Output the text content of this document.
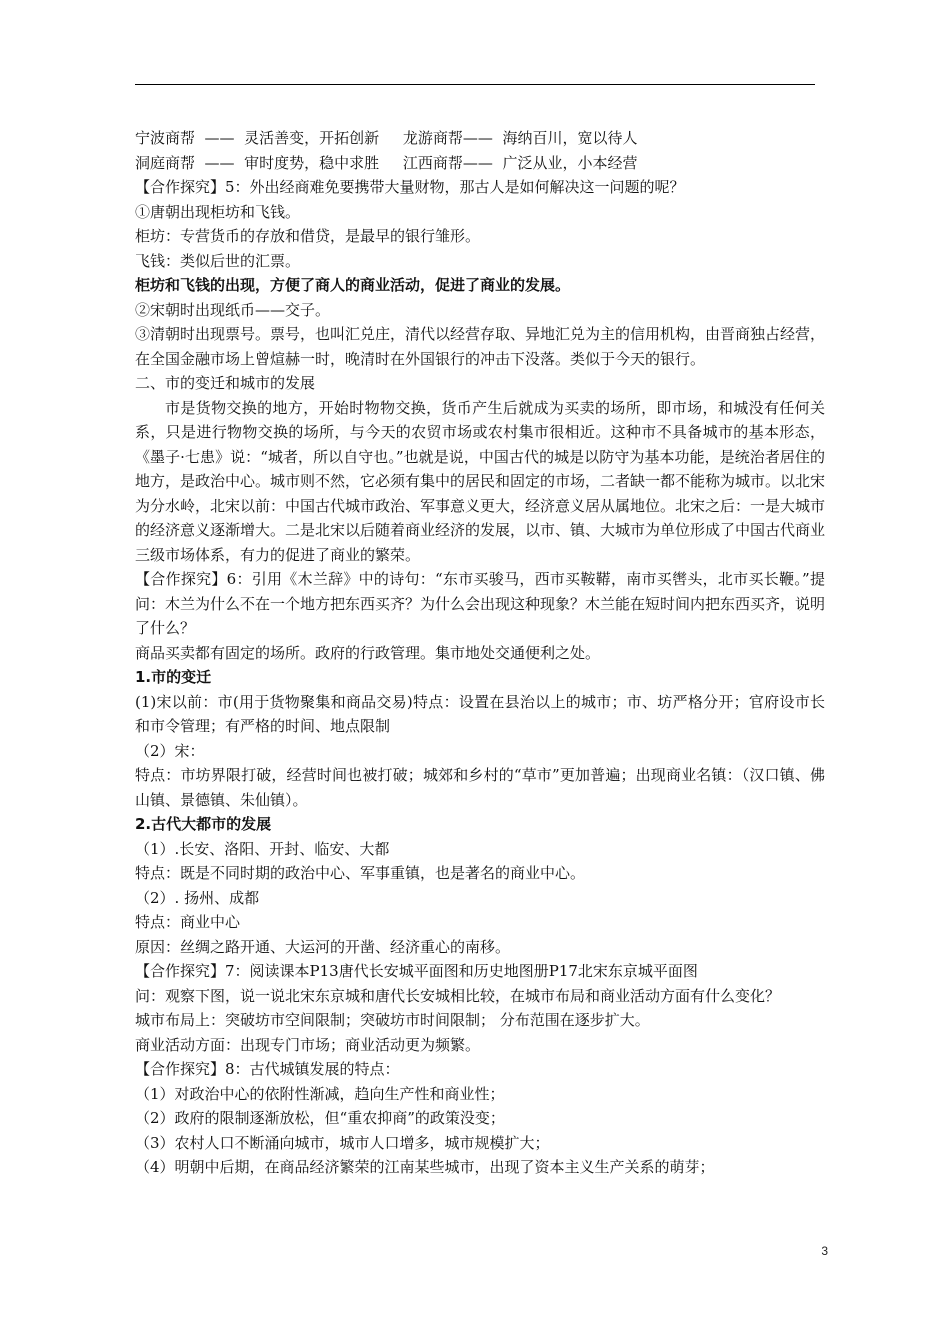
宁波商帮  ——  灵活善变，开拓创新     龙游商帮——  海纳百川，宽以待人
洞庭商帮  ——  审时度势，稳中求胜     江西商帮——  广泛从业，小本经营
【合作探究】5：外出经商难免要携带大量财物，那古人是如何解决这一问题的呢？
①唐朝出现柜坊和飞钱。
柜坊：专营货币的存放和借贷，是最早的银行雏形。
飞钱：类似后世的汇票。
柜坊和飞钱的出现，方便了商人的商业活动，促进了商业的发展。
②宋朝时出现纸币——交子。
③清朝时出现票号。票号，也叫汇兑庄，清代以经营存取、异地汇兑为主的信用机构，由晋商独占经营，在全国金融市场上曾煊赫一时，晚清时在外国银行的冲击下没落。类似于今天的银行。
二、市的变迁和城市的发展
市是货物交换的地方，开始时物物交换，货币产生后就成为买卖的场所，即市场，和城没有任何关系，只是进行物物交换的场所，与今天的农贸市场或农村集市很相近。这种市不具备城市的基本形态，《墨子·七患》说：“城者，所以自守也。”也就是说，中国古代的城是以防守为基本功能，是统治者居住的地方，是政治中心。城市则不然，它必须有集中的居民和固定的市场，二者缺一都不能称为城市。以北宋为分水岭，北宋以前：中国古代城市政治、军事意义更大，经济意义居从属地位。北宋之后：一是大城市的经济意义逐渐增大。二是北宋以后随着商业经济的发展，以市、镇、大城市为单位形成了中国古代商业三级市场体系，有力的促进了商业的繁荣。
【合作探究】6：引用《木兰辞》中的诗句：“东市买骏马，西市买鞍鞯，南市买辔头，北市买长鞭。”提问：木兰为什么不在一个地方把东西买齐？为什么会出现这种现象？木兰能在短时间内把东西买齐，说明了什么？
商品买卖都有固定的场所。政府的行政管理。集市地处交通便利之处。
1.市的变迁
(1)宋以前：市(用于货物聚集和商品交易)特点：设置在县治以上的城市；市、坊严格分开；官府设市长和市令管理；有严格的时间、地点限制
（2）宋：
特点：市坊界限打破，经营时间也被打破；城郊和乡村的“草市”更加普遍；出现商业名镇：（汉口镇、佛山镇、景德镇、朱仙镇）。
2.古代大都市的发展
（1）.长安、洛阳、开封、临安、大都
特点：既是不同时期的政治中心、军事重镇，也是著名的商业中心。
（2）. 扬州、成都
特点：商业中心
原因：丝绸之路开通、大运河的开凿、经济重心的南移。
【合作探究】7：阅读课本P13唐代长安城平面图和历史地图册P17北宋东京城平面图
问：观察下图，说一说北宋东京城和唐代长安城相比较，在城市布局和商业活动方面有什么变化？
城市布局上：突破坊市空间限制；突破坊市时间限制； 分布范围在逐步扩大。
商业活动方面：出现专门市场；商业活动更为频繁。
【合作探究】8：古代城镇发展的特点：
（1）对政治中心的依附性渐减，趋向生产性和商业性；
（2）政府的限制逐渐放松，但“重农抑商”的政策没变；
（3）农村人口不断涌向城市，城市人口增多，城市规模扩大；
（4）明朝中后期，在商品经济繁荣的江南某些城市，出现了资本主义生产关系的萌芽；
3
